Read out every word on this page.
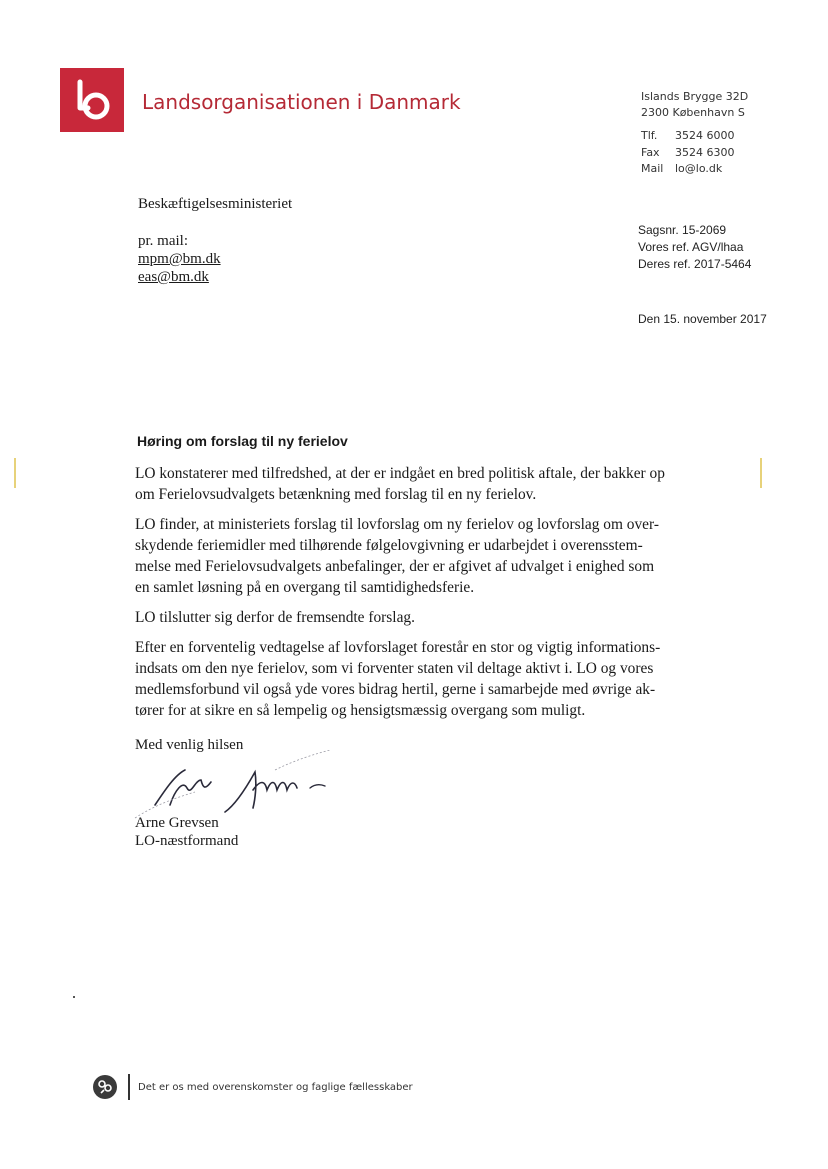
Landsorganisationen i Danmark	Islands Brygge 32D
2300 København S
Tlf. 3524 6000
Fax 3524 6300
Mail lo@lo.dk
Beskæftigelsesministeriet
pr. mail:
mpm@bm.dk
eas@bm.dk
Sagsnr. 15-2069
Vores ref. AGV/lhaa
Deres ref. 2017-5464
Den 15. november 2017
Høring om forslag til ny ferielov

LO konstaterer med tilfredshed, at der er indgået en bred politisk aftale, der bakker op
om Ferielovsudvalgets betænkning med forslag til en ny ferielov.

LO finder, at ministeriets forslag til lovforslag om ny ferielov og lovforslag om over-
skydende feriemidler med tilhørende følgelovgivning er udarbejdet i overensstem-
melse med Ferielovsudvalgets anbefalinger, der er afgivet af udvalget i enighed som
en samlet løsning på en overgang til samtidighedsferie.

LO tilslutter sig derfor de fremsendte forslag.

Efter en forventelig vedtagelse af lovforslaget forestår en stor og vigtig informations-
indsats om den nye ferielov, som vi forventer staten vil deltage aktivt i. LO og vores
medlemsforbund vil også yde vores bidrag hertil, gerne i samarbejde med øvrige ak-
tører for at sikre en så lempelig og hensigtsmæssig overgang som muligt.

Med venlig hilsen
Arne Grevsen
LO-næstformand
Det er os med overenskomster og faglige fællesskaber
